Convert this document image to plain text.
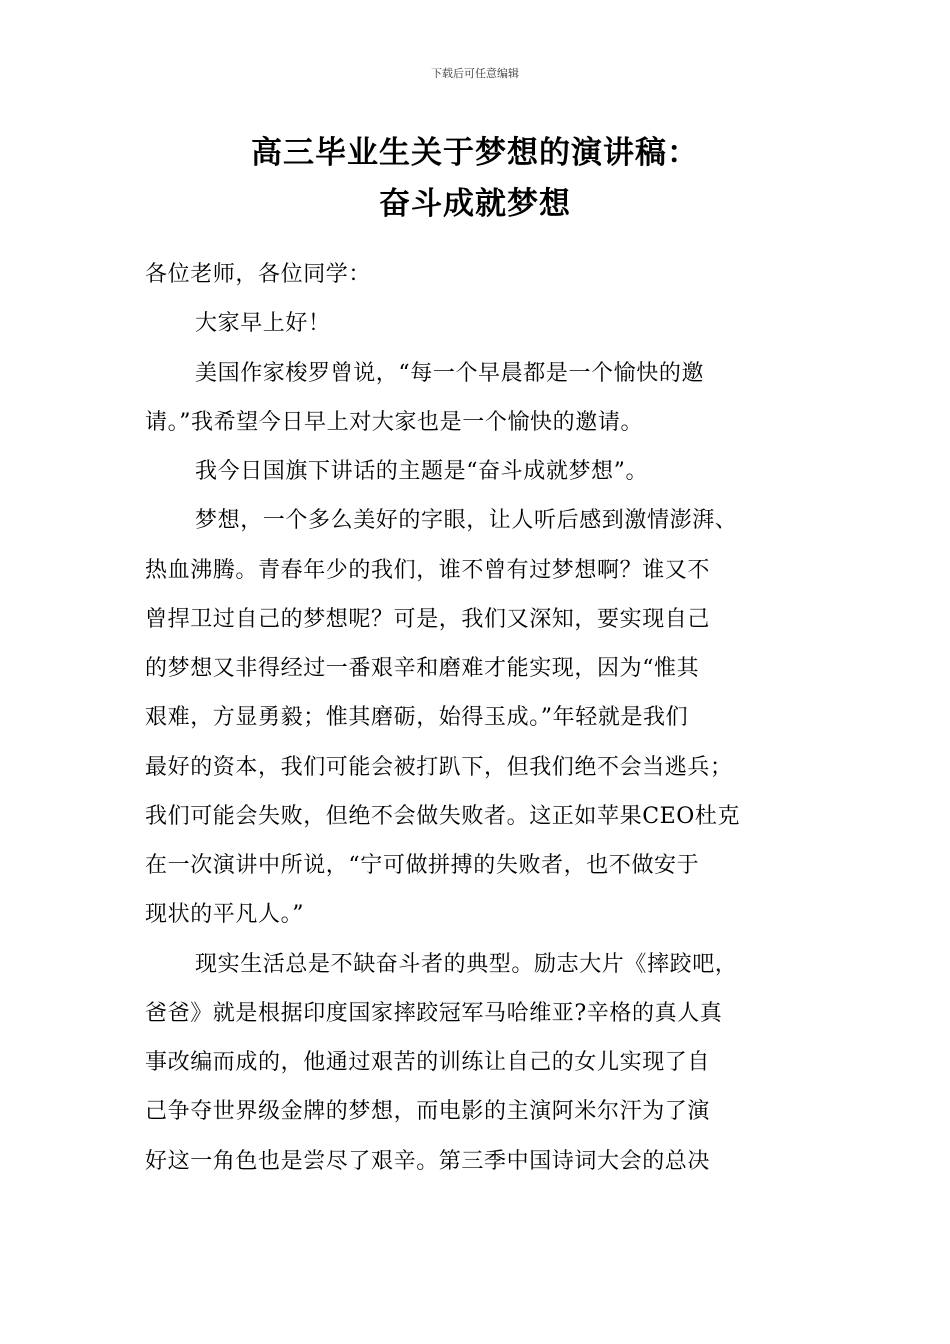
下载后可任意编辑
高三毕业生关于梦想的演讲稿：
奋斗成就梦想
各位老师，各位同学：
大家早上好！
美国作家梭罗曾说，“每一个早晨都是一个愉快的邀
请。”我希望今日早上对大家也是一个愉快的邀请。
我今日国旗下讲话的主题是“奋斗成就梦想”。
梦想，一个多么美好的字眼，让人听后感到激情澎湃、
热血沸腾。青春年少的我们，谁不曾有过梦想啊？谁又不
曾捍卫过自己的梦想呢？可是，我们又深知，要实现自己
的梦想又非得经过一番艰辛和磨难才能实现，因为“惟其
艰难，方显勇毅；惟其磨砺，始得玉成。”年轻就是我们
最好的资本，我们可能会被打趴下，但我们绝不会当逃兵；
我们可能会失败，但绝不会做失败者。这正如苹果CEO杜克
在一次演讲中所说，“宁可做拼搏的失败者，也不做安于
现状的平凡人。”
现实生活总是不缺奋斗者的典型。励志大片《摔跤吧，
爸爸》就是根据印度国家摔跤冠军马哈维亚?辛格的真人真
事改编而成的，他通过艰苦的训练让自己的女儿实现了自
己争夺世界级金牌的梦想，而电影的主演阿米尔汗为了演
好这一角色也是尝尽了艰辛。第三季中国诗词大会的总决
